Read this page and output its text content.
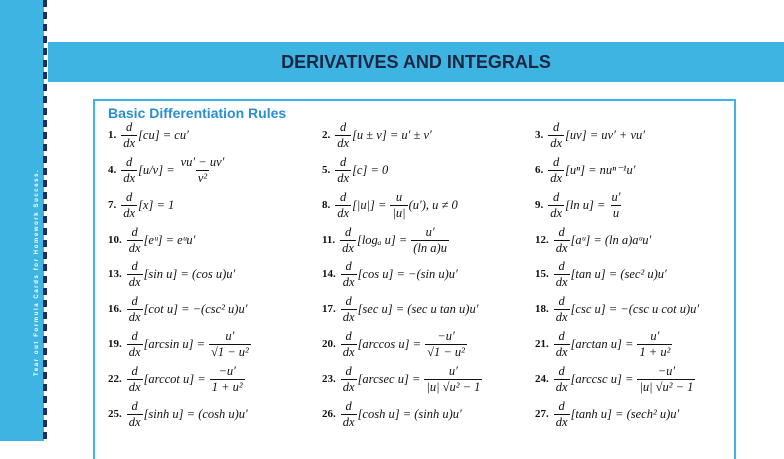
Tear out Formula Cards for Homework Success.
DERIVATIVES AND INTEGRALS
Basic Differentiation Rules
1. $\frac{d}{dx} [cu] = cu'$	2. $\frac{d}{dx} [u \pm v] = u' \pm v'$	3. $\frac{d}{dx} [uv] = uv' + vu'$
4. $\frac{d}{dx} [u/v] = \frac{vu' - uv'}{\text{v²}}$	5. $\frac{d}{dx} [c] = 0$	6. $\frac{d}{dx} [u^n] = nu^{n-1}u'$
7. $\frac{d}{dx} [x] = 1$	8. $\frac{d}{dx} [|u|] = \frac{u}{|u|} (u')$, u ≠ 0	9. $\frac{d}{dx} [\ln$ $u] = \frac{u'}{u}$
10. $\frac{d}{dx}$ [eᵘ] = eᵘu′	11. $\frac{d}{dx} [\log_a$ $u] = \frac{u'}{\text{(ln a)u}}$	12. $\frac{d}{dx}$ [aᵘ] = (ln a)aᵘu′
13. $\frac{d}{dx} [\sin$ u] = (cos u)u′	14. $\frac{d}{dx} [\cos$ u] = −(sin u)u′	15. $\frac{d}{dx} [\tan$ u] = (sec² u)u′
16. $\frac{d}{dx} [\cot$ u] = −(csc² u)u′	17. $\frac{d}{dx} [\sec$ u] = (sec u tan u)u′	18. $\frac{d}{dx} [\csc$ u] = −(csc u cot u)u′
19. $\frac{d}{dx} [\arcsin$ $u] = \frac{u'}{\text{√1 − u²}}$	20. $\frac{d}{dx} [\arccos$ $u] = \frac{-u'}{\text{√1 − u²}}$	21. $\frac{d}{dx} [\arctan$ $u] = \frac{u'}{\text{1 + u²}}$
22. $\frac{d}{dx} [arccot$ $u] = \frac{-u'}{\text{1 + u²}}$	23. $\frac{d}{dx} [arcsec$ $u] = \frac{u'}{\text{|u| √u² − 1}}$	24. $\frac{d}{dx} [arccsc$ $u] = \frac{-u'}{\text{|u| √u² − 1}}$
25. $\frac{d}{dx} [\sinh$ u] = (cosh u)u′	26. $\frac{d}{dx} [\cosh$ u] = (sinh u)u′	27. $\frac{d}{dx} [\tanh$ u] = (sech² u)u′
